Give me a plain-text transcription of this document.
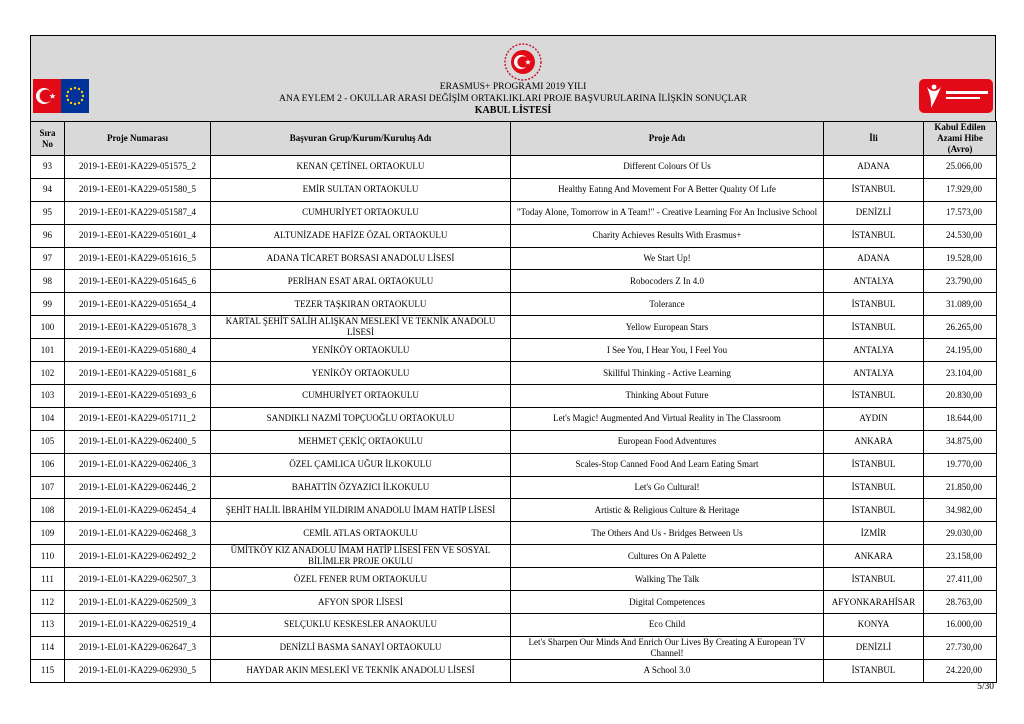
ERASMUS+ PROGRAMI 2019 YILI
ANA EYLEM 2 - OKULLAR ARASI DEĞİŞİM ORTAKLIKLARI PROJE BAŞVURULARINA İLİŞKİN SONUÇLAR
KABUL LİSTESİ
Sıra No	Proje Numarası	Başvuran Grup/Kurum/Kuruluş Adı	Proje Adı	İli	Kabul Edilen Azami Hibe (Avro)
93	2019-1-EE01-KA229-051575_2	KENAN ÇETİNEL ORTAOKULU	Different Colours Of Us	ADANA	25.066,00
94	2019-1-EE01-KA229-051580_5	EMİR SULTAN ORTAOKULU	Healthy Eatıng And Movement For A Better Qualıty Of Lıfe	İSTANBUL	17.929,00
95	2019-1-EE01-KA229-051587_4	CUMHURİYET ORTAOKULU	"Today Alone, Tomorrow in A Team!" - Creative Learning For An Inclusive School	DENİZLİ	17.573,00
96	2019-1-EE01-KA229-051601_4	ALTUNİZADE HAFİZE ÖZAL ORTAOKULU	Charity Achieves Results With Erasmus+	İSTANBUL	24.530,00
97	2019-1-EE01-KA229-051616_5	ADANA TİCARET BORSASI ANADOLU LİSESİ	We Start Up!	ADANA	19.528,00
98	2019-1-EE01-KA229-051645_6	PERİHAN ESAT ARAL ORTAOKULU	Robocoders Z In 4.0	ANTALYA	23.790,00
99	2019-1-EE01-KA229-051654_4	TEZER TAŞKIRAN ORTAOKULU	Tolerance	İSTANBUL	31.089,00
100	2019-1-EE01-KA229-051678_3	KARTAL ŞEHİT SALİH ALIŞKAN MESLEKİ VE TEKNİK ANADOLU LİSESİ	Yellow European Stars	İSTANBUL	26.265,00
101	2019-1-EE01-KA229-051680_4	YENİKÖY ORTAOKULU	I See You, I Hear You, I Feel You	ANTALYA	24.195,00
102	2019-1-EE01-KA229-051681_6	YENİKÖY ORTAOKULU	Skillful Thinking - Active Learning	ANTALYA	23.104,00
103	2019-1-EE01-KA229-051693_6	CUMHURİYET ORTAOKULU	Thinking About Future	İSTANBUL	20.830,00
104	2019-1-EE01-KA229-051711_2	SANDIKLI NAZMİ TOPÇUOĞLU ORTAOKULU	Let's Magic! Augmented And Virtual Reality in The Classroom	AYDIN	18.644,00
105	2019-1-EL01-KA229-062400_5	MEHMET ÇEKİÇ ORTAOKULU	European Food Adventures	ANKARA	34.875,00
106	2019-1-EL01-KA229-062406_3	ÖZEL ÇAMLICA UĞUR İLKOKULU	Scales-Stop Canned Food And Learn Eating Smart	İSTANBUL	19.770,00
107	2019-1-EL01-KA229-062446_2	BAHATTİN ÖZYAZICI İLKOKULU	Let's Go Cultural!	İSTANBUL	21.850,00
108	2019-1-EL01-KA229-062454_4	ŞEHİT HALİL İBRAHİM YILDIRIM ANADOLU İMAM HATİP LİSESİ	Artistic & Religious Culture & Heritage	İSTANBUL	34.982,00
109	2019-1-EL01-KA229-062468_3	CEMİL ATLAS ORTAOKULU	The Others And Us - Bridges Between Us	İZMİR	29.030,00
110	2019-1-EL01-KA229-062492_2	ÜMİTKÖY KIZ ANADOLU İMAM HATİP LİSESİ FEN VE SOSYAL BİLİMLER PROJE OKULU	Cultures On A Palette	ANKARA	23.158,00
111	2019-1-EL01-KA229-062507_3	ÖZEL FENER RUM ORTAOKULU	Walking The Talk	İSTANBUL	27.411,00
112	2019-1-EL01-KA229-062509_3	AFYON SPOR LİSESİ	Digital Competences	AFYONKARAHİSAR	28.763,00
113	2019-1-EL01-KA229-062519_4	SELÇUKLU KESKESLER ANAOKULU	Eco Child	KONYA	16.000,00
114	2019-1-EL01-KA229-062647_3	DENİZLİ BASMA SANAYİ ORTAOKULU	Let's Sharpen Our Minds And Enrich Our Lives By Creating A European TV Channel!	DENİZLİ	27.730,00
115	2019-1-EL01-KA229-062930_5	HAYDAR AKIN MESLEKİ VE TEKNİK ANADOLU LİSESİ	A School 3.0	İSTANBUL	24.220,00
5/30
